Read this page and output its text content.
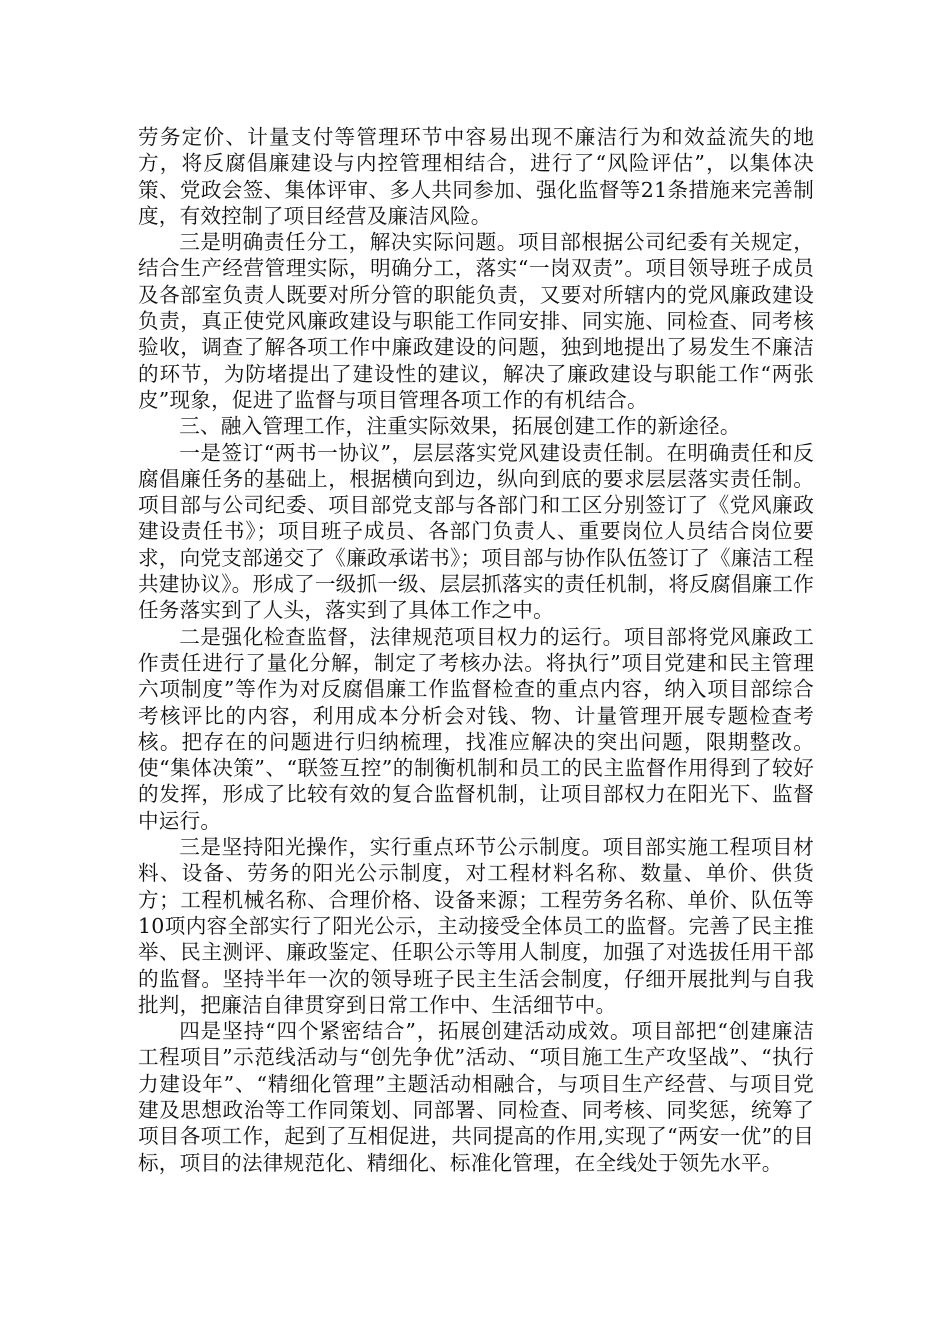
劳务定价、计量支付等管理环节中容易出现不廉洁行为和效益流失的地方，将反腐倡廉建设与内控管理相结合，进行了“风险评估”，以集体决策、党政会签、集体评审、多人共同参加、强化监督等21条措施来完善制度，有效控制了项目经营及廉洁风险。

三是明确责任分工，解决实际问题。项目部根据公司纪委有关规定，结合生产经营管理实际，明确分工，落实“一岗双责”。项目领导班子成员及各部室负责人既要对所分管的职能负责，又要对所辖内的党风廉政建设负责，真正使党风廉政建设与职能工作同安排、同实施、同检查、同考核验收，调查了解各项工作中廉政建设的问题，独到地提出了易发生不廉洁的环节，为防堵提出了建设性的建议，解决了廉政建设与职能工作“两张皮”现象，促进了监督与项目管理各项工作的有机结合。

三、融入管理工作，注重实际效果，拓展创建工作的新途径。

一是签订“两书一协议”，层层落实党风建设责任制。在明确责任和反腐倡廉任务的基础上，根据横向到边，纵向到底的要求层层落实责任制。项目部与公司纪委、项目部党支部与各部门和工区分别签订了《党风廉政建设责任书》；项目班子成员、各部门负责人、重要岗位人员结合岗位要求，向党支部递交了《廉政承诺书》；项目部与协作队伍签订了《廉洁工程共建协议》。形成了一级抓一级、层层抓落实的责任机制，将反腐倡廉工作任务落实到了人头，落实到了具体工作之中。

二是强化检查监督，法律规范项目权力的运行。项目部将党风廉政工作责任进行了量化分解，制定了考核办法。将执行”项目党建和民主管理六项制度”等作为对反腐倡廉工作监督检查的重点内容，纳入项目部综合考核评比的内容，利用成本分析会对钱、物、计量管理开展专题检查考核。把存在的问题进行归纳梳理，找准应解决的突出问题，限期整改。使“集体决策”、“联签互控”的制衡机制和员工的民主监督作用得到了较好的发挥，形成了比较有效的复合监督机制，让项目部权力在阳光下、监督中运行。

三是坚持阳光操作，实行重点环节公示制度。项目部实施工程项目材料、设备、劳务的阳光公示制度，对工程材料名称、数量、单价、供货方；工程机械名称、合理价格、设备来源；工程劳务名称、单价、队伍等10项内容全部实行了阳光公示，主动接受全体员工的监督。完善了民主推举、民主测评、廉政鉴定、任职公示等用人制度，加强了对选拔任用干部的监督。坚持半年一次的领导班子民主生活会制度，仔细开展批判与自我批判，把廉洁自律贯穿到日常工作中、生活细节中。

四是坚持“四个紧密结合”，拓展创建活动成效。项目部把“创建廉洁工程项目”示范线活动与“创先争优”活动、“项目施工生产攻坚战”、“执行力建设年”、“精细化管理”主题活动相融合，与项目生产经营、与项目党建及思想政治等工作同策划、同部署、同检查、同考核、同奖惩，统筹了项目各项工作，起到了互相促进，共同提高的作用,实现了“两安一优”的目标，项目的法律规范化、精细化、标准化管理，在全线处于领先水平。
